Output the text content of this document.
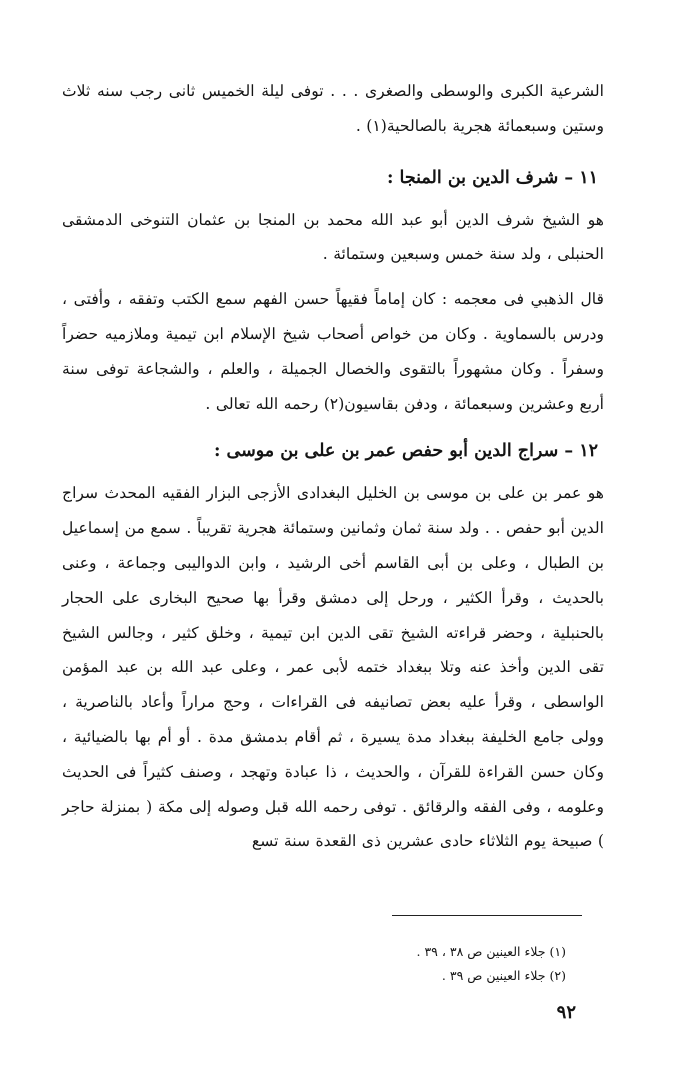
الشرعية الكبرى والوسطى والصغرى . . . توفى ليلة الخميس ثانى رجب سنه ثلاث وستين وسبعمائة هجرية بالصالحية(١) .

١١ – شرف الدين بن المنجا :

هو الشيخ شرف الدين أبو عبد الله محمد بن المنجا بن عثمان التنوخى الدمشقى الحنبلى ، ولد سنة خمس وسبعين وستمائة .

قال الذهبي فى معجمه : كان إماماً فقيهاً حسن الفهم سمع الكتب وتفقه ، وأفتى ، ودرس بالسماوية . وكان من خواص أصحاب شيخ الإسلام ابن تيمية وملازميه حضراً وسفراً . وكان مشهوراً بالتقوى والخصال الجميلة ، والعلم ، والشجاعة توفى سنة أربع وعشرين وسبعمائة ، ودفن بقاسيون(٢) رحمه الله تعالى .

١٢ – سراج الدين أبو حفص عمر بن على بن موسى :

هو عمر بن على بن موسى بن الخليل البغدادى الأزجى البزار الفقيه المحدث سراج الدين أبو حفص . . ولد سنة ثمان وثمانين وستمائة هجرية تقريباً . سمع من إسماعيل بن الطبال ، وعلى بن أبى القاسم أخى الرشيد ، وابن الدواليبى وجماعة ، وعنى بالحديث ، وقرأ الكثير ، ورحل إلى دمشق وقرأ بها صحيح البخارى على الحجار بالحنبلية ، وحضر قراءته الشيخ تقى الدين ابن تيمية ، وخلق كثير ، وجالس الشيخ تقى الدين وأخذ عنه وتلا ببغداد ختمه لأبى عمر ، وعلى عبد الله بن عبد المؤمن الواسطى ، وقرأ عليه بعض تصانيفه فى القراءات ، وحج مراراً وأعاد بالناصرية ، وولى جامع الخليفة ببغداد مدة يسيرة ، ثم أقام بدمشق مدة . أو أم بها بالضيائية ، وكان حسن القراءة للقرآن ، والحديث ، ذا عبادة وتهجد ، وصنف كثيراً فى الحديث وعلومه ، وفى الفقه والرقائق . توفى رحمه الله قبل وصوله إلى مكة ( بمنزلة حاجر ) صبيحة يوم الثلاثاء حادى عشرين ذى القعدة سنة تسع

(١) جلاء العينين ص ٣٨ ، ٣٩ .

(٢) جلاء العينين ص ٣٩ .

٩٢
